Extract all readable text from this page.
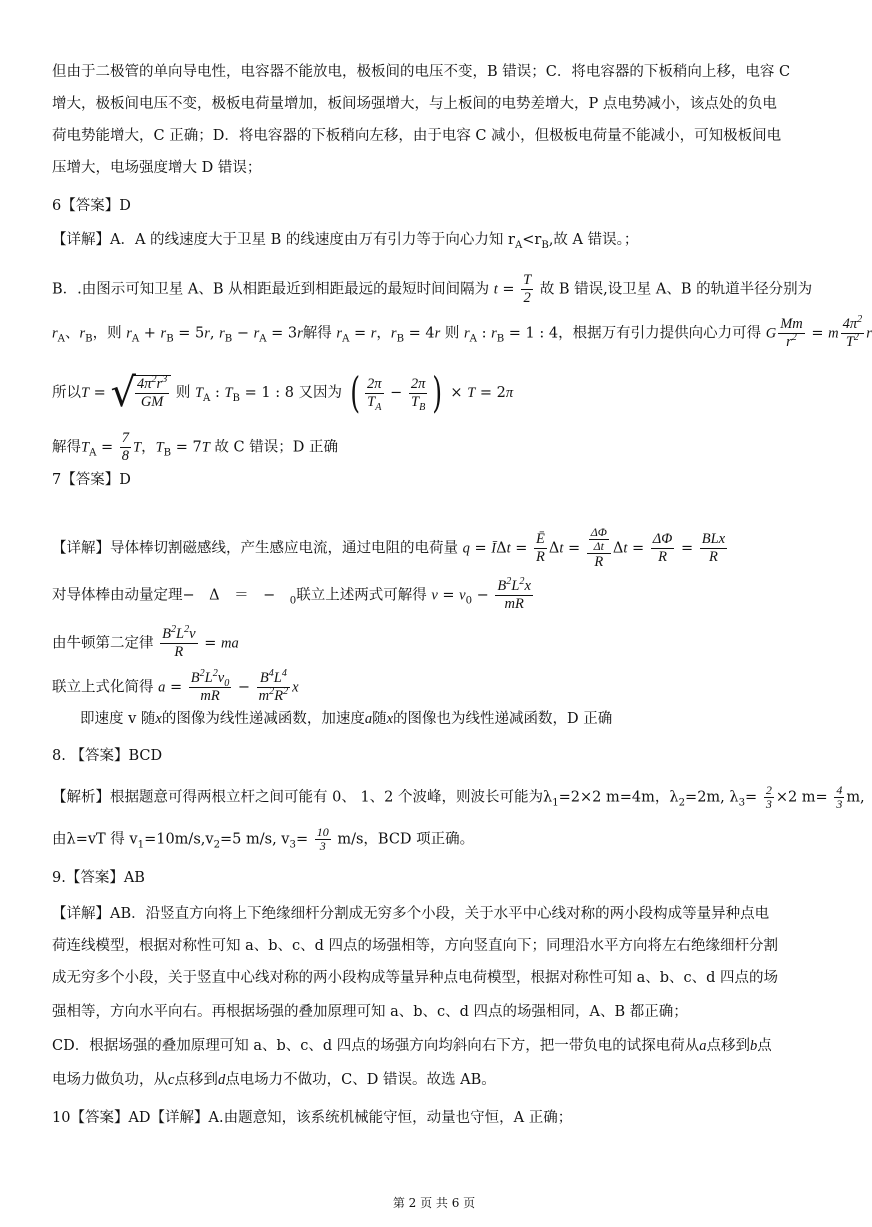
但由于二极管的单向导电性，电容器不能放电，极板间的电压不变，B 错误；C．将电容器的下板稍向上移，电容 C
增大，极板间电压不变，极板电荷量增加，板间场强增大，与上板间的电势差增大，P 点电势减小，该点处的负电
荷电势能增大，C 正确；D．将电容器的下板稍向左移，由于电容 C 减小，但极板电荷量不能减小，可知极板间电
压增大，电场强度增大 D 错误；
6【答案】D
【详解】A．A 的线速度大于卫星 B 的线速度由万有引力等于向心力知 $r_A<r_B$,故 A 错误。；
B．.由图示可知卫星 A、B 从相距最近到相距最远的最短时间间隔为 $t = \frac{T}{2}$ 故 B 错误,设卫星 A、B 的轨道半径分别为
$r_A$、$r_B$，则 $r_A + r_B = 5r$, $r_B - r_A = 3r$解得 $r_A = r$，$r_B = 4r$ 则 $r_A$ : $r_B = 1$ : 4，根据万有引力提供向心力可得 G $\frac{Mm}{r^2} = m \frac{4\pi^2}{T^2}$ r
所以T = √ $\frac{4\pi^2r^3}{GM}$ 则 $T_A$ : $T_B = 1$ : 8 又因为 ( $\frac{2\pi}{T_A} - \frac{2\pi}{T_B}$ ) × T = 2π
解得$T_A = \frac{7}{8}$ T，$T_B = 7T$ 故 C 错误；D 正确
7【答案】D
【详解】导体棒切割磁感线，产生感应电流，通过电阻的电荷量 q = ĪΔt = $\frac{Ē}{R}$ $\Delta t = \frac{\frac{\Delta\Phi}{\Delta t}}{R}$ $\Delta t = \frac{\Delta\Phi}{R} = \frac{\text{BLx}}{R}$
对导体棒由动量定理−　 Δ　＝　−　$_0$联立上述两式可解得 $v = v_0 - \frac{B^2L^2x}{mR}$
由牛顿第二定律 $\frac{B^2L^2v}{R}$ = ma
联立上式化简得 $a = \frac{B^2L^2v_0}{mR} - \frac{B^4L^4}{m^2R^2}$ x
即速度 v 随x的图像为线性递减函数，加速度a随x的图像也为线性递减函数，D 正确
8. 【答案】BCD
【解析】根据题意可得两根立杆之间可能有 0、 1、2 个波峰，则波长可能为$\lambda_1=2\times 2$ m=4m，$\lambda_2=2m$, $\lambda_3= \frac{2}{3} \times 2$ $m= \frac{4}{3} m$,
由λ=vT 得 $v_1=10m/s,v_2=5$ m/s, $v_3= \frac{10}{3} m/s$，BCD 项正确。
9.【答案】AB
【详解】AB．沿竖直方向将上下绝缘细杆分割成无穷多个小段，关于水平中心线对称的两小段构成等量异种点电
荷连线模型，根据对称性可知 a、b、c、d 四点的场强相等，方向竖直向下；同理沿水平方向将左右绝缘细杆分割
成无穷多个小段，关于竖直中心线对称的两小段构成等量异种点电荷模型，根据对称性可知 a、b、c、d 四点的场
强相等，方向水平向右。再根据场强的叠加原理可知 a、b、c、d 四点的场强相同，A、B 都正确；
CD．根据场强的叠加原理可知 a、b、c、d 四点的场强方向均斜向右下方，把一带负电的试探电荷从a点移到b点
电场力做负功，从c点移到d点电场力不做功，C、D 错误。故选 AB。
10【答案】AD【详解】A.由题意知，该系统机械能守恒，动量也守恒，A 正确；
第 2 页 共 6 页
